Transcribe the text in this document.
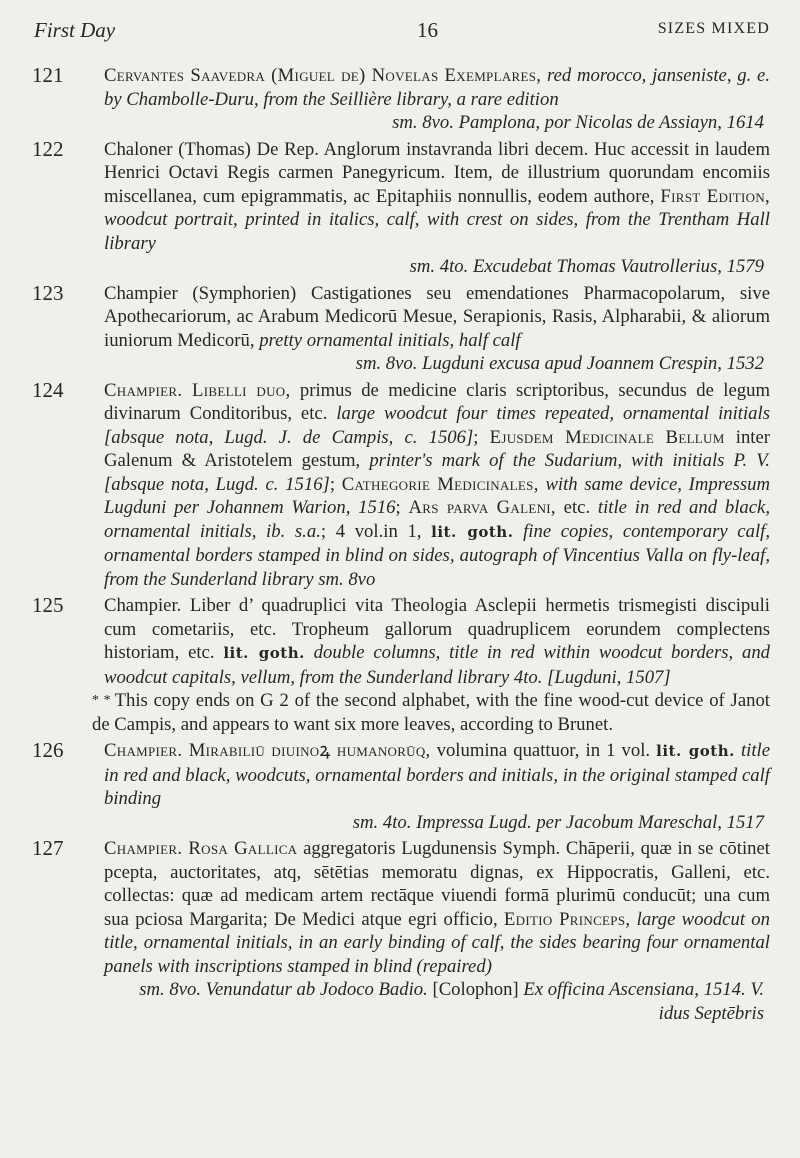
First Day	16	SIZES MIXED
121 Cervantes Saavedra (Miguel de) Novelas Exemplares, red morocco, janseniste, g. e. by Chambolle-Duru, from the Seillière library, a rare edition
sm. 8vo. Pamplona, por Nicolas de Assiayn, 1614
122 Chaloner (Thomas) De Rep. Anglorum instavranda libri decem. Huc accessit in laudem Henrici Octavi Regis carmen Panegyricum. Item, de illustrium quorundam encomiis miscellanea, cum epigrammatis, ac Epitaphiis nonnullis, eodem authore, First Edition, woodcut portrait, printed in italics, calf, with crest on sides, from the Trentham Hall library
sm. 4to. Excudebat Thomas Vautrollerius, 1579
123 Champier (Symphorien) Castigationes seu emendationes Pharmacopolarum, sive Apothecariorum, ac Arabum Medicorū Mesue, Serapionis, Rasis, Alpharabii, & aliorum iuniorum Medicorū, pretty ornamental initials, half calf
sm. 8vo. Lugduni excusa apud Joannem Crespin, 1532
124 Champier. Libelli duo, primus de medicine claris scriptoribus, secundus de legum divinarum Conditoribus, etc. large woodcut four times repeated, ornamental initials [absque nota, Lugd. J. de Campis, c. 1506]; Ejusdem Medicinale Bellum inter Galenum & Aristotelem gestum, printer's mark of the Sudarium, with initials P. V. [absque nota, Lugd. c. 1516]; Cathegorie Medicinales, with same device, Impressum Lugduni per Johannem Warion, 1516; Ars parva Galeni, etc. title in red and black, ornamental initials, ib. s.a.; 4 vol.in 1, lit. goth. fine copies, contemporary calf, ornamental borders stamped in blind on sides, autograph of Vincentius Valla on fly-leaf, from the Sunderland library sm. 8vo
125 Champier. Liber d’ quadruplici vita Theologia Asclepii hermetis trismegisti discipuli cum cometariis, etc. Tropheum gallorum quadruplicem eorundem complectens historiam, etc. lit. goth. double columns, title in red within woodcut borders, and woodcut capitals, vellum, from the Sunderland library 4to. [Lugduni, 1507]
* * This copy ends on G 2 of the second alphabet, with the fine wood-cut device of Janot de Campis, and appears to want six more leaves, according to Brunet.
126 Champier. Mirabiliū diuinoꝝ humanorūq, volumina quattuor, in 1 vol. lit. goth. title in red and black, woodcuts, ornamental borders and initials, in the original stamped calf binding
sm. 4to. Impressa Lugd. per Jacobum Mareschal, 1517
127 Champier. Rosa Gallica aggregatoris Lugdunensis Symph. Chāperii, quæ in se cōtinet pcepta, auctoritates, atq, sētētias memoratu dignas, ex Hippocratis, Galleni, etc. collectas: quæ ad medicam artem rectāque viuendi formā plurimū conducūt; una cum sua pciosa Margarita; De Medici atque egri officio, Editio Princeps, large woodcut on title, ornamental initials, in an early binding of calf, the sides bearing four ornamental panels with inscriptions stamped in blind (repaired)
sm. 8vo. Venundatur ab Jodoco Badio. [Colophon] Ex officina Ascensiana, 1514. V. idus Septēbris
